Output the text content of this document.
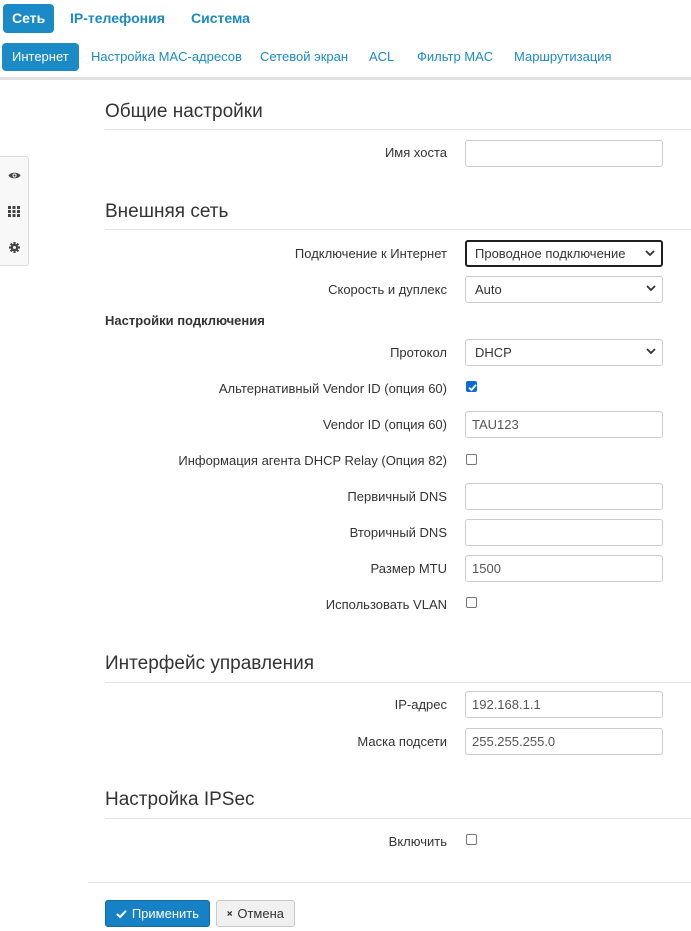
Сеть	IP-телефония	Система
Интернет	Настройка MAC-адресов	Сетевой экран	ACL	Фильтр MAC	Маршрутизация
Общие настройки
Имя хоста
Внешняя сеть
Подключение к Интернет	Проводное подключение
Скорость и дуплекс	Auto
Настройки подключения
Протокол	DHCP
Альтернативный Vendor ID (опция 60)
Vendor ID (опция 60)	TAU123
Информация агента DHCP Relay (Опция 82)
Первичный DNS
Вторичный DNS
Размер MTU	1500
Использовать VLAN
Интерфейс управления
IP-адрес	192.168.1.1
Маска подсети	255.255.255.0
Настройка IPSec
Включить
Применить	Отмена
